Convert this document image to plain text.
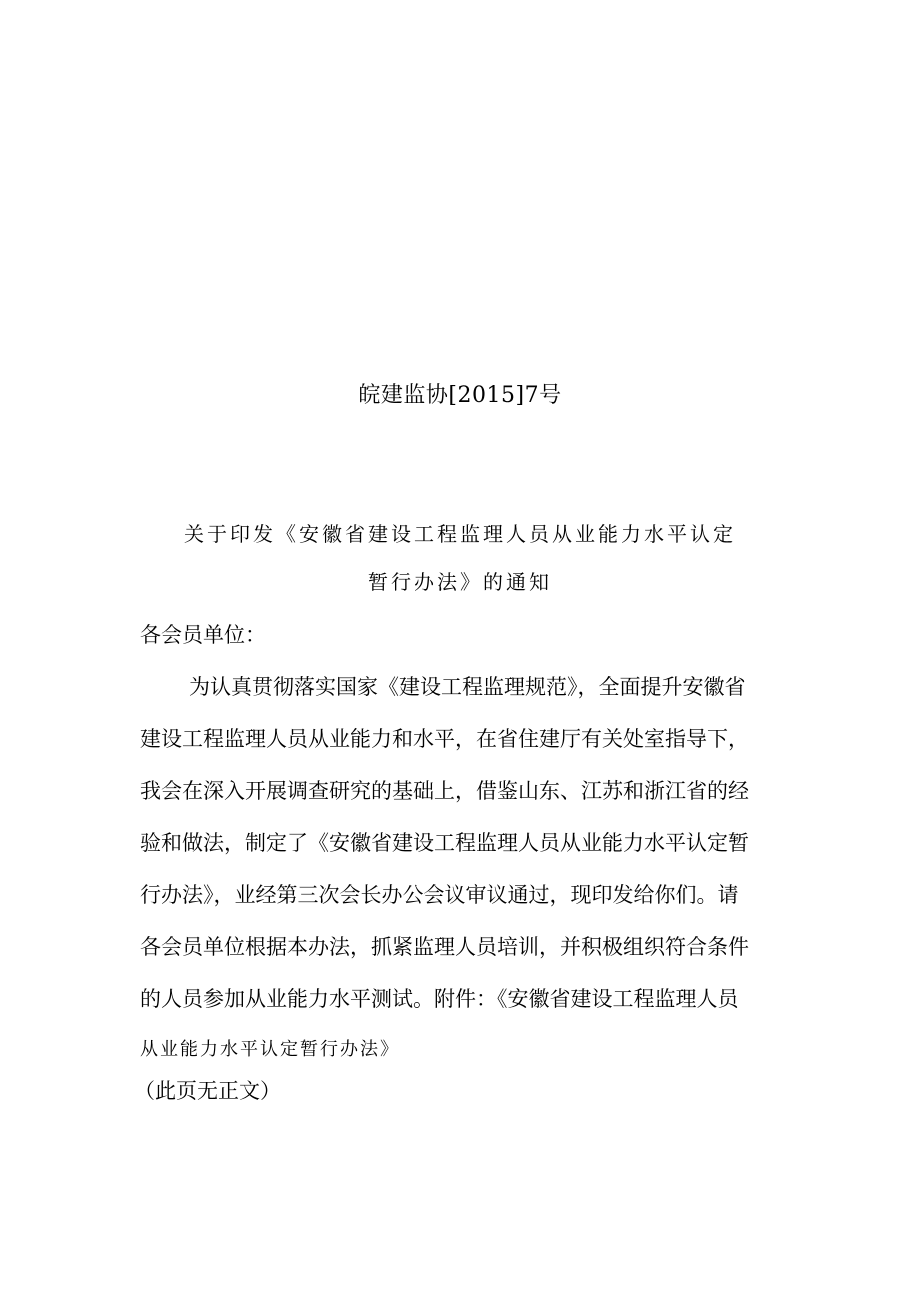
皖建监协[2015]7号
关于印发《安徽省建设工程监理人员从业能力水平认定
暂行办法》的通知
各会员单位：
为认真贯彻落实国家《建设工程监理规范》，全面提升安徽省
建设工程监理人员从业能力和水平，在省住建厅有关处室指导下，
我会在深入开展调查研究的基础上，借鉴山东、江苏和浙江省的经
验和做法，制定了《安徽省建设工程监理人员从业能力水平认定暂
行办法》，业经第三次会长办公会议审议通过，现印发给你们。请
各会员单位根据本办法，抓紧监理人员培训，并积极组织符合条件
的人员参加从业能力水平测试。附件：《安徽省建设工程监理人员
从业能力水平认定暂行办法》
（此页无正文）
